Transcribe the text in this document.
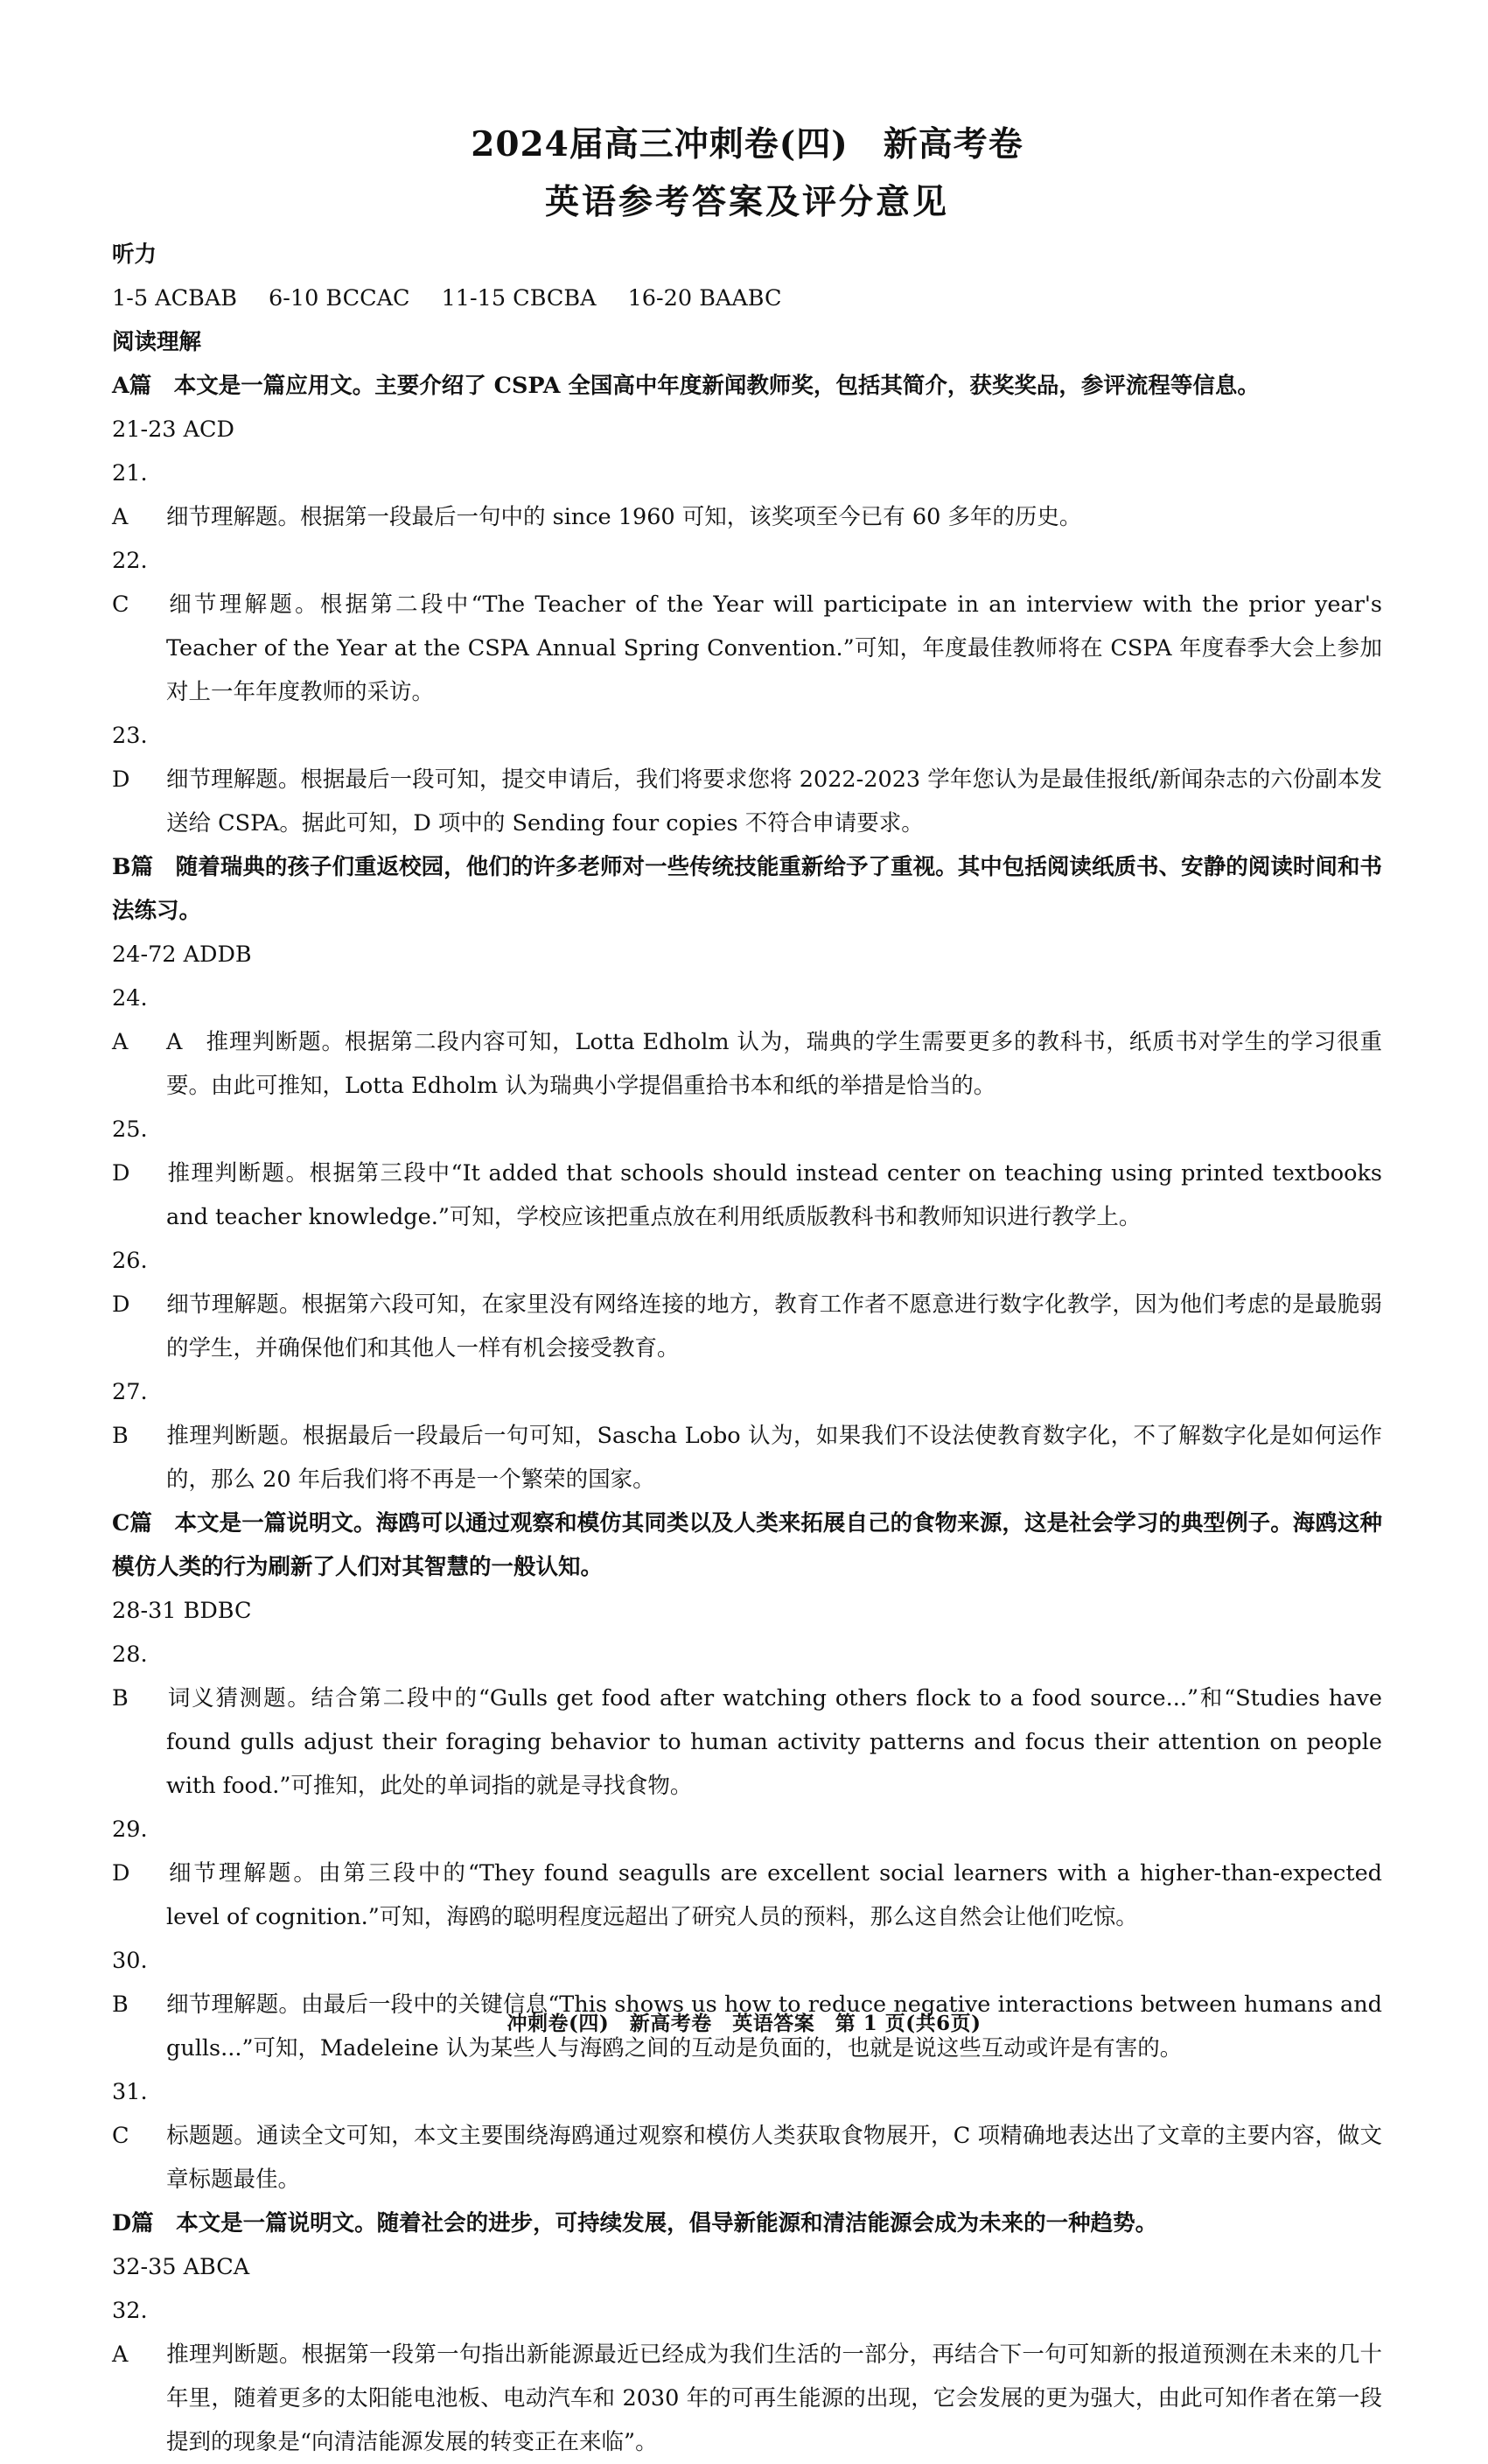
2024届高三冲刺卷(四)　新高考卷
英语参考答案及评分意见
听力
1-5 ACBAB 6-10 BCCAC 11-15 CBCBA 16-20 BAABC
阅读理解
A篇　本文是一篇应用文。主要介绍了 CSPA 全国高中年度新闻教师奖，包括其简介，获奖奖品，参评流程等信息。
21-23 ACD
21. A 细节理解题。根据第一段最后一句中的 since 1960 可知，该奖项至今已有 60 多年的历史。
22. C 细节理解题。根据第二段中“The Teacher of the Year will participate in an interview with the prior year's Teacher of the Year at the CSPA Annual Spring Convention.”可知，年度最佳教师将在 CSPA 年度春季大会上参加对上一年年度教师的采访。
23. D 细节理解题。根据最后一段可知，提交申请后，我们将要求您将 2022-2023 学年您认为是最佳报纸/新闻杂志的六份副本发送给 CSPA。据此可知，D 项中的 Sending four copies 不符合申请要求。
B篇　随着瑞典的孩子们重返校园，他们的许多老师对一些传统技能重新给予了重视。其中包括阅读纸质书、安静的阅读时间和书法练习。
24-72 ADDB
24. A A　推理判断题。根据第二段内容可知，Lotta Edholm 认为，瑞典的学生需要更多的教科书，纸质书对学生的学习很重要。由此可推知，Lotta Edholm 认为瑞典小学提倡重拾书本和纸的举措是恰当的。
25. D 推理判断题。根据第三段中“It added that schools should instead center on teaching using printed textbooks and teacher knowledge.”可知，学校应该把重点放在利用纸质版教科书和教师知识进行教学上。
26. D 细节理解题。根据第六段可知，在家里没有网络连接的地方，教育工作者不愿意进行数字化教学，因为他们考虑的是最脆弱的学生，并确保他们和其他人一样有机会接受教育。
27. B 推理判断题。根据最后一段最后一句可知，Sascha Lobo 认为，如果我们不设法使教育数字化，不了解数字化是如何运作的，那么 20 年后我们将不再是一个繁荣的国家。
C篇　本文是一篇说明文。海鸥可以通过观察和模仿其同类以及人类来拓展自己的食物来源，这是社会学习的典型例子。海鸥这种模仿人类的行为刷新了人们对其智慧的一般认知。
28-31 BDBC
28. B 词义猜测题。结合第二段中的“Gulls get food after watching others flock to a food source...”和“Studies have found gulls adjust their foraging behavior to human activity patterns and focus their attention on people with food.”可推知，此处的单词指的就是寻找食物。
29. D 细节理解题。由第三段中的“They found seagulls are excellent social learners with a higher-than-expected level of cognition.”可知，海鸥的聪明程度远超出了研究人员的预料，那么这自然会让他们吃惊。
30. B 细节理解题。由最后一段中的关键信息“This shows us how to reduce negative interactions between humans and gulls...”可知，Madeleine 认为某些人与海鸥之间的互动是负面的，也就是说这些互动或许是有害的。
31. C 标题题。通读全文可知，本文主要围绕海鸥通过观察和模仿人类获取食物展开，C 项精确地表达出了文章的主要内容，做文章标题最佳。
D篇　本文是一篇说明文。随着社会的进步，可持续发展，倡导新能源和清洁能源会成为未来的一种趋势。
32-35 ABCA
32. A 推理判断题。根据第一段第一句指出新能源最近已经成为我们生活的一部分，再结合下一句可知新的报道预测在未来的几十年里，随着更多的太阳能电池板、电动汽车和 2030 年的可再生能源的出现，它会发展的更为强大，由此可知作者在第一段提到的现象是“向清洁能源发展的转变正在来临”。
冲刺卷(四)　新高考卷　英语答案　第 1 页(共6页)
